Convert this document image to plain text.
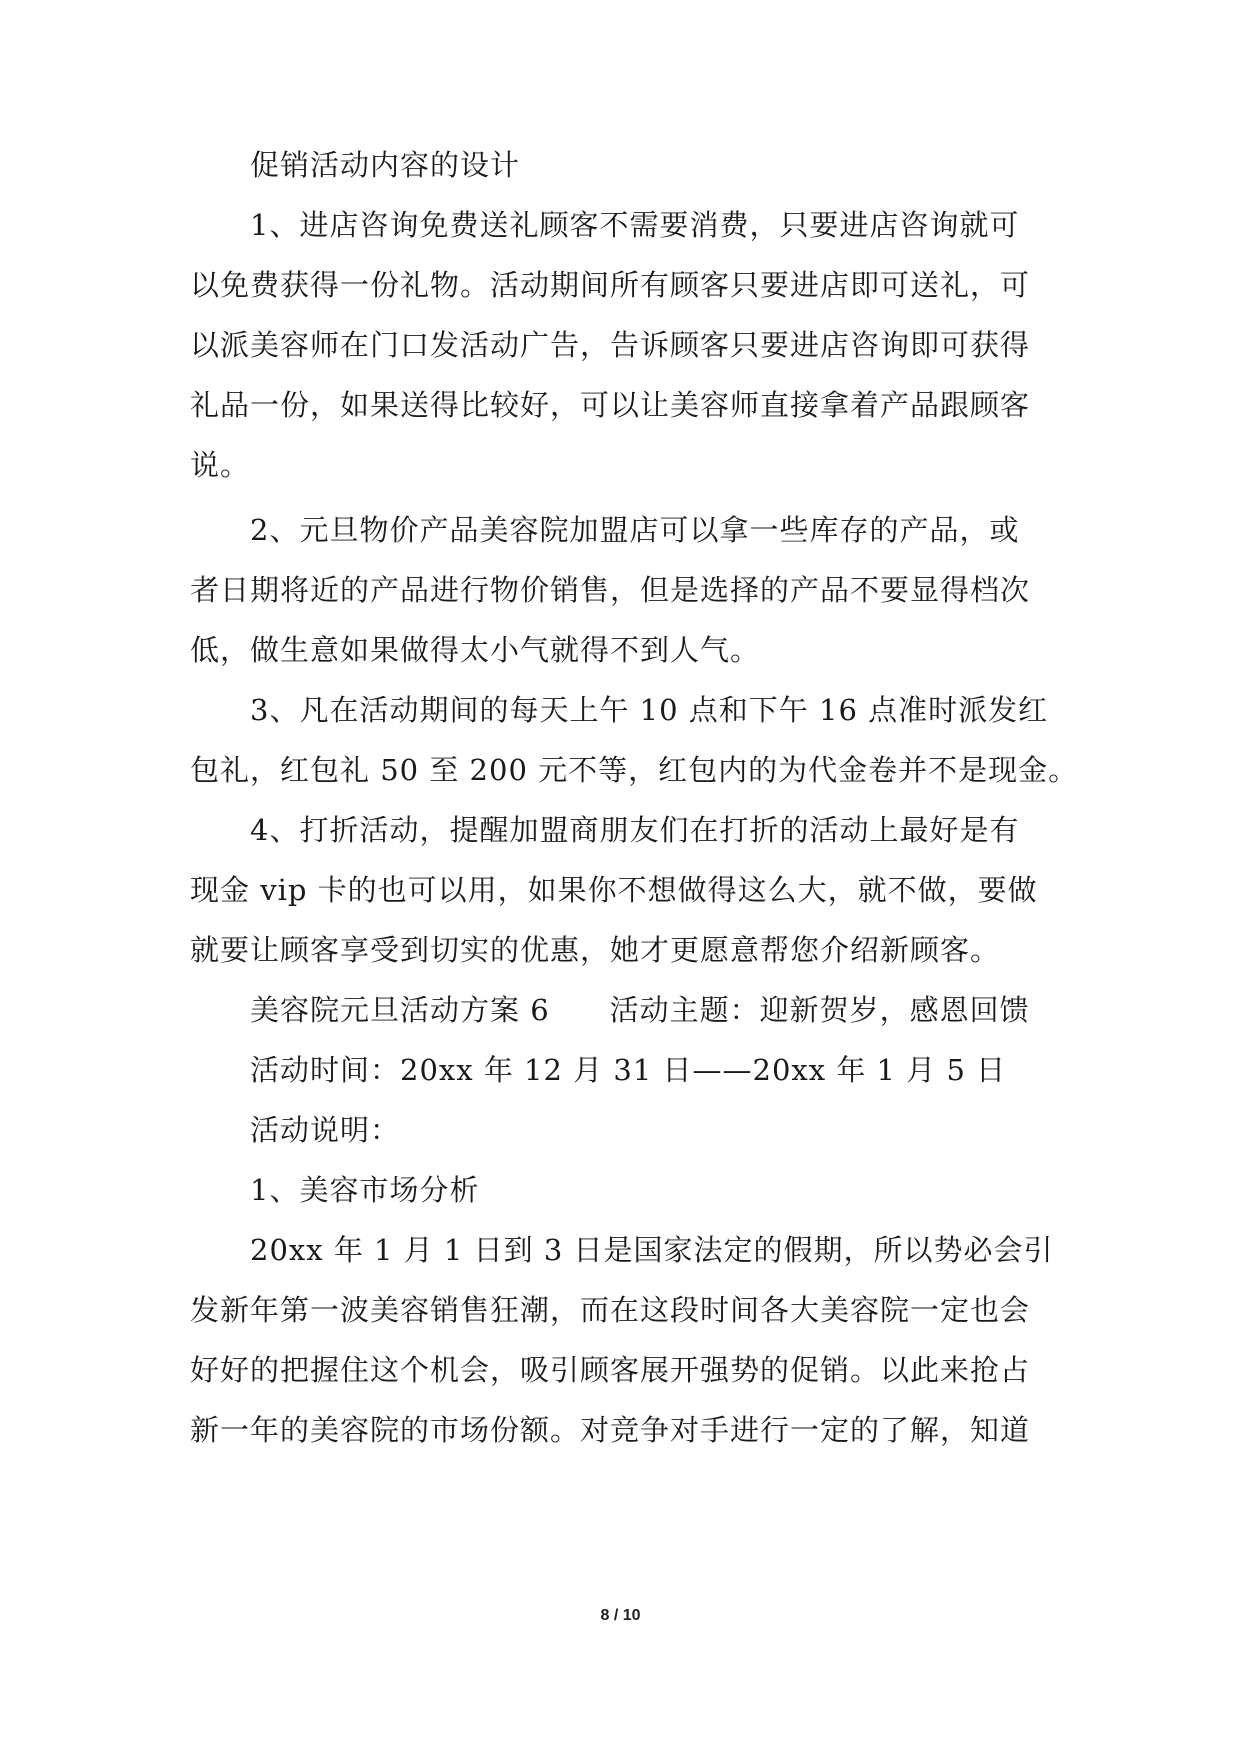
促销活动内容的设计
1、进店咨询免费送礼顾客不需要消费，只要进店咨询就可
以免费获得一份礼物。活动期间所有顾客只要进店即可送礼，可
以派美容师在门口发活动广告，告诉顾客只要进店咨询即可获得
礼品一份，如果送得比较好，可以让美容师直接拿着产品跟顾客
说。
2、元旦物价产品美容院加盟店可以拿一些库存的产品，或
者日期将近的产品进行物价销售，但是选择的产品不要显得档次
低，做生意如果做得太小气就得不到人气。
3、凡在活动期间的每天上午 10 点和下午 16 点准时派发红
包礼，红包礼 50 至 200 元不等，红包内的为代金卷并不是现金。
4、打折活动，提醒加盟商朋友们在打折的活动上最好是有
现金 vip 卡的也可以用，如果你不想做得这么大，就不做，要做
就要让顾客享受到切实的优惠，她才更愿意帮您介绍新顾客。
美容院元旦活动方案 6　　活动主题：迎新贺岁，感恩回馈
活动时间：20xx 年 12 月 31 日——20xx 年 1 月 5 日
活动说明：
1、美容市场分析
20xx 年 1 月 1 日到 3 日是国家法定的假期，所以势必会引
发新年第一波美容销售狂潮，而在这段时间各大美容院一定也会
好好的把握住这个机会，吸引顾客展开强势的促销。以此来抢占
新一年的美容院的市场份额。对竞争对手进行一定的了解，知道
8 / 10
